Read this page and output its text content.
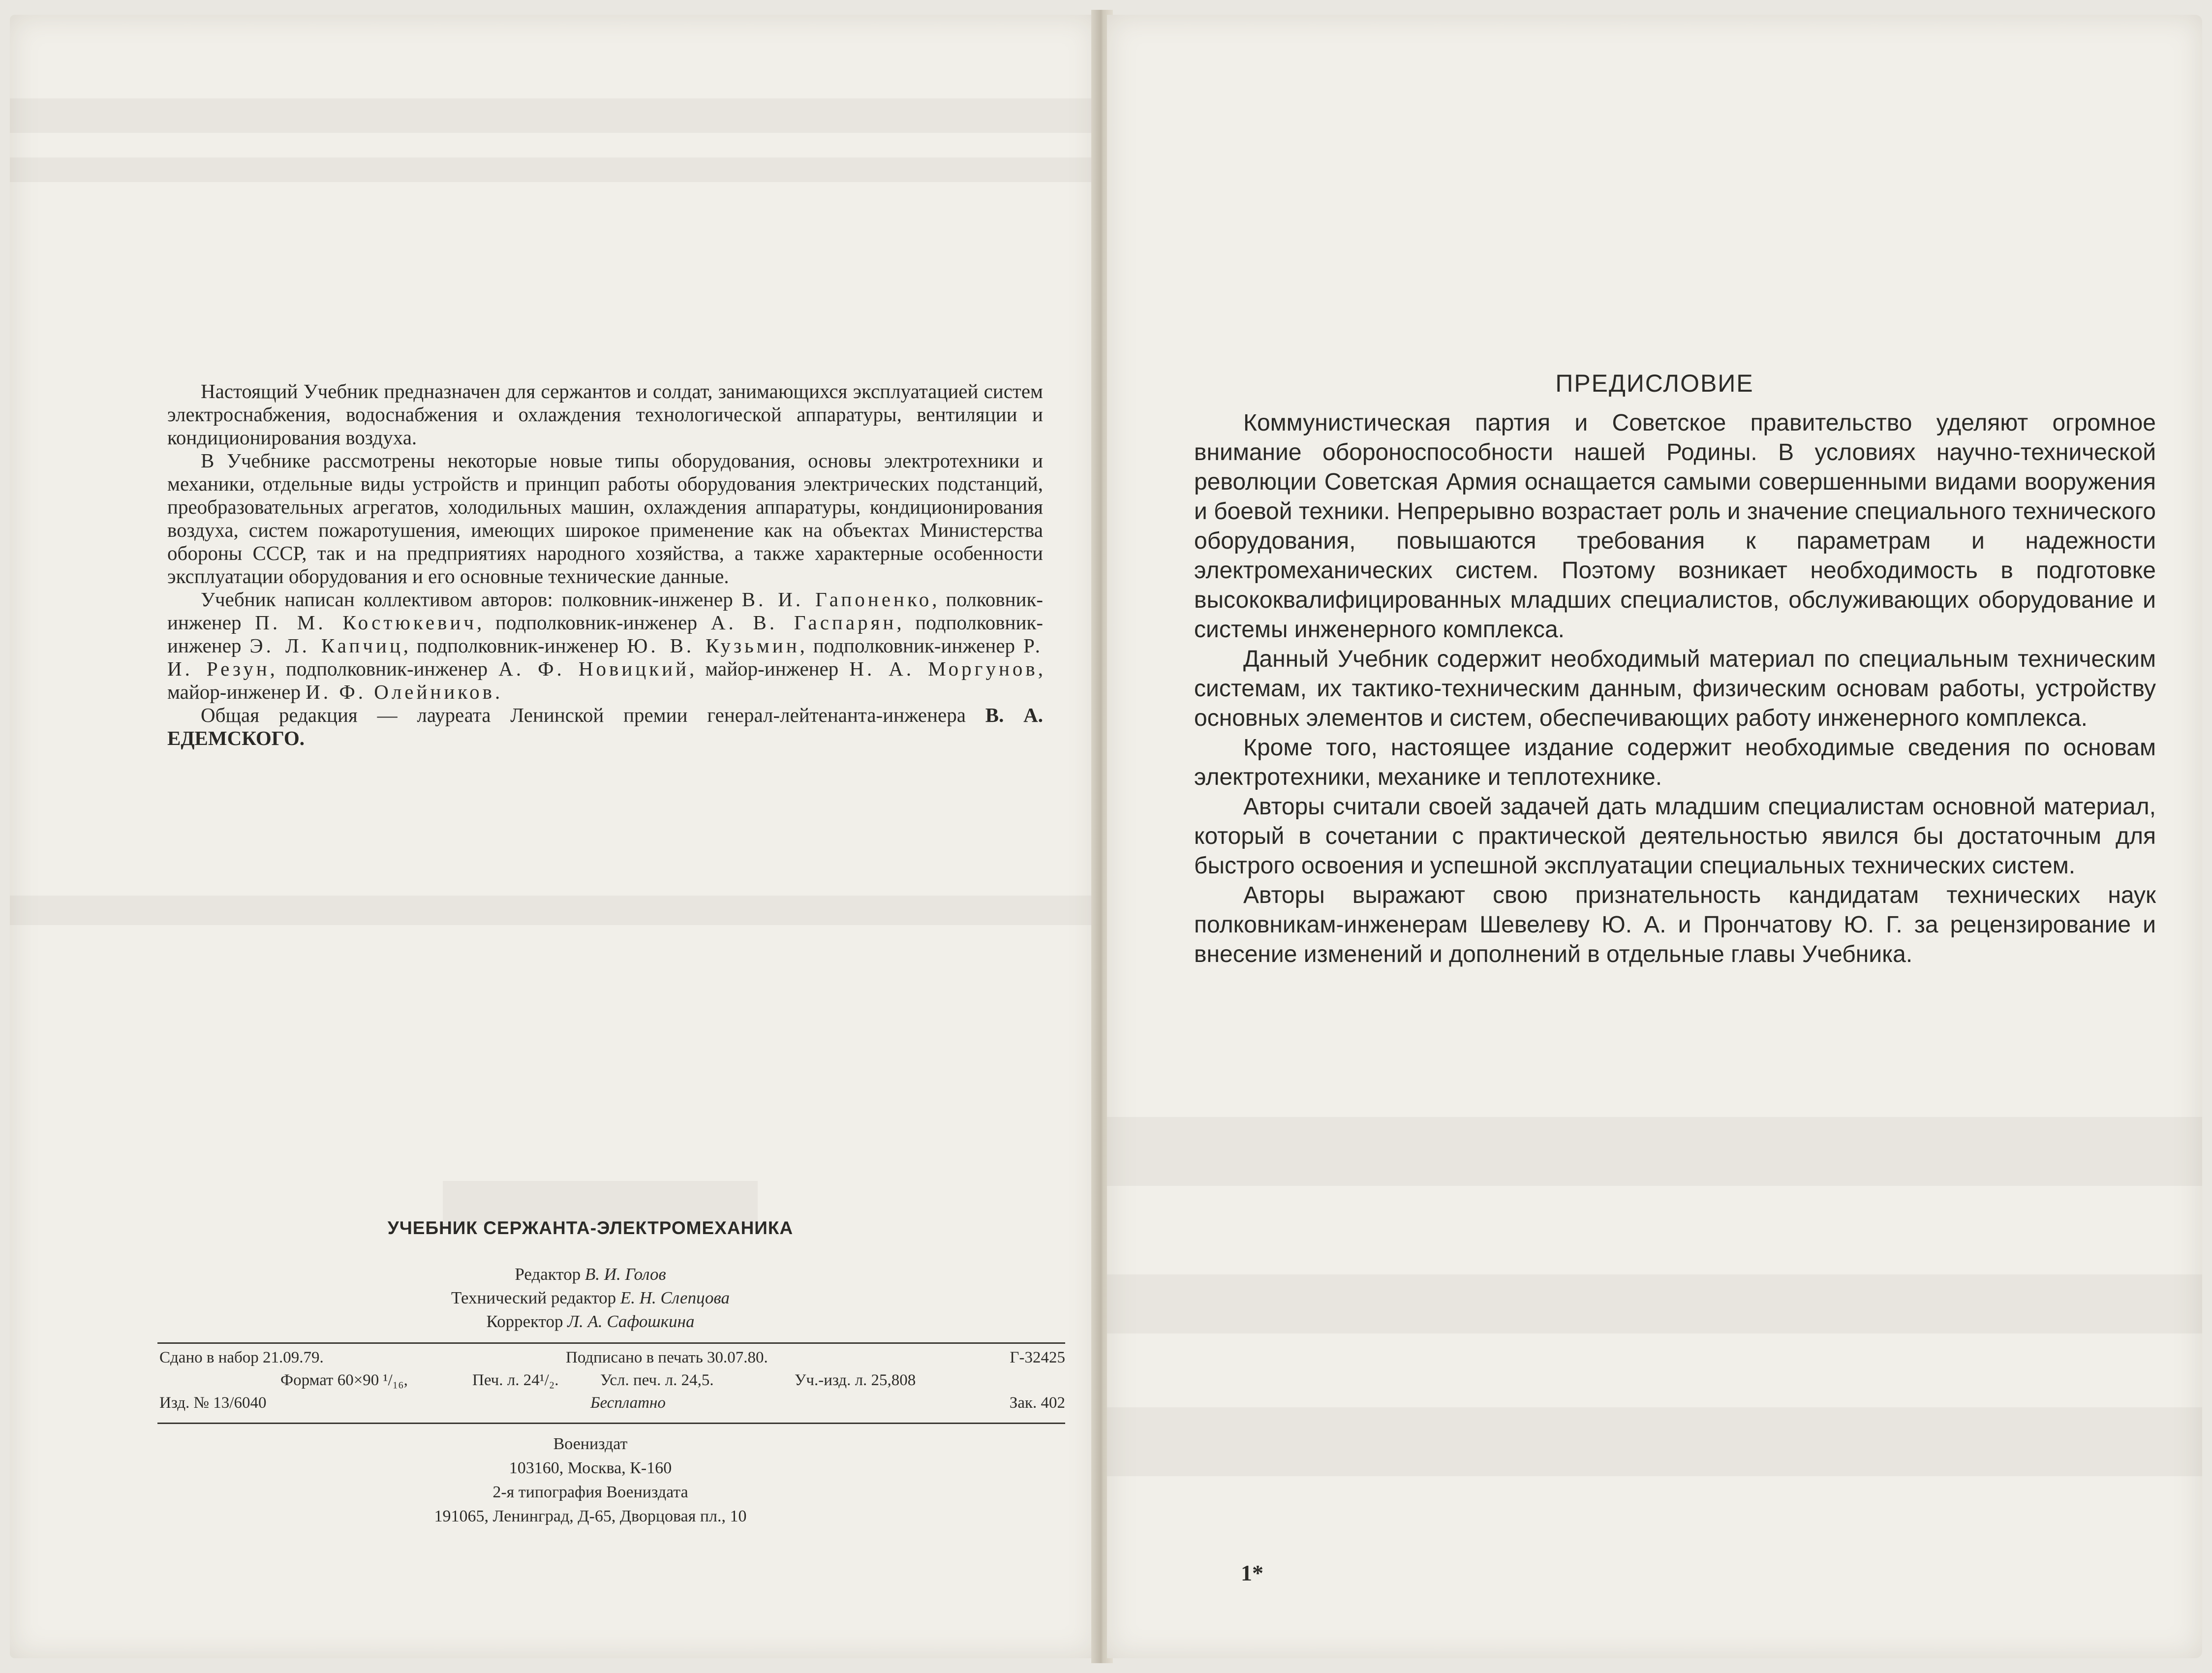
Настоящий Учебник предназначен для сержантов и солдат, занимающихся эксплуатацией систем электроснабжения, водоснабжения и охлаждения технологической аппаратуры, вентиляции и кондиционирования воздуха.

В Учебнике рассмотрены некоторые новые типы оборудования, основы электротехники и механики, отдельные виды устройств и принцип работы оборудования электрических подстанций, преобразовательных агрегатов, холодильных машин, охлаждения аппаратуры, кондиционирования воздуха, систем пожаротушения, имеющих широкое применение как на объектах Министерства обороны СССР, так и на предприятиях народного хозяйства, а также характерные особенности эксплуатации оборудования и его основные технические данные.

Учебник написан коллективом авторов: полковник-инженер В. И. Гапоненко, полковник-инженер П. М. Костюкевич, подполковник-инженер А. В. Гаспарян, подполковник-инженер Э. Л. Капчиц, подполковник-инженер Ю. В. Кузьмин, подполковник-инженер Р. И. Резун, подполковник-инженер А. Ф. Новицкий, майор-инженер Н. А. Моргунов, майор-инженер И. Ф. Олейников.

Общая редакция — лауреата Ленинской премии генерал-лейтенанта-инженера В. А. ЕДЕМСКОГО.

УЧЕБНИК СЕРЖАНТА-ЭЛЕКТРОМЕХАНИКА
Редактор В. И. Голов
Технический редактор Е. Н. Слепцова
Корректор Л. А. Сафошкина
Сдано в набор 21.09.79.	Подписано в печать 30.07.80.	Г-32425
Формат 60×90 ¹/₁₆,	Печ. л. 24¹/₂.	Усл. печ. л. 24,5.	Уч.-изд. л. 25,808
Изд. № 13/6040	Бесплатно	Зак. 402
Воениздат
103160, Москва, К-160
2-я типография Воениздата
191065, Ленинград, Д-65, Дворцовая пл., 10
ПРЕДИСЛОВИЕ

Коммунистическая партия и Советское правительство уделяют огромное внимание обороноспособности нашей Родины. В условиях научно-технической революции Советская Армия оснащается самыми совершенными видами вооружения и боевой техники. Непрерывно возрастает роль и значение специального технического оборудования, повышаются требования к параметрам и надежности электромеханических систем. Поэтому возникает необходимость в подготовке высококвалифицированных младших специалистов, обслуживающих оборудование и системы инженерного комплекса.

Данный Учебник содержит необходимый материал по специальным техническим системам, их тактико-техническим данным, физическим основам работы, устройству основных элементов и систем, обеспечивающих работу инженерного комплекса.

Кроме того, настоящее издание содержит необходимые сведения по основам электротехники, механике и теплотехнике.

Авторы считали своей задачей дать младшим специалистам основной материал, который в сочетании с практической деятельностью явился бы достаточным для быстрого освоения и успешной эксплуатации специальных технических систем.

Авторы выражают свою признательность кандидатам технических наук полковникам-инженерам Шевелеву Ю. А. и Прончатову Ю. Г. за рецензирование и внесение изменений и дополнений в отдельные главы Учебника.

1*
